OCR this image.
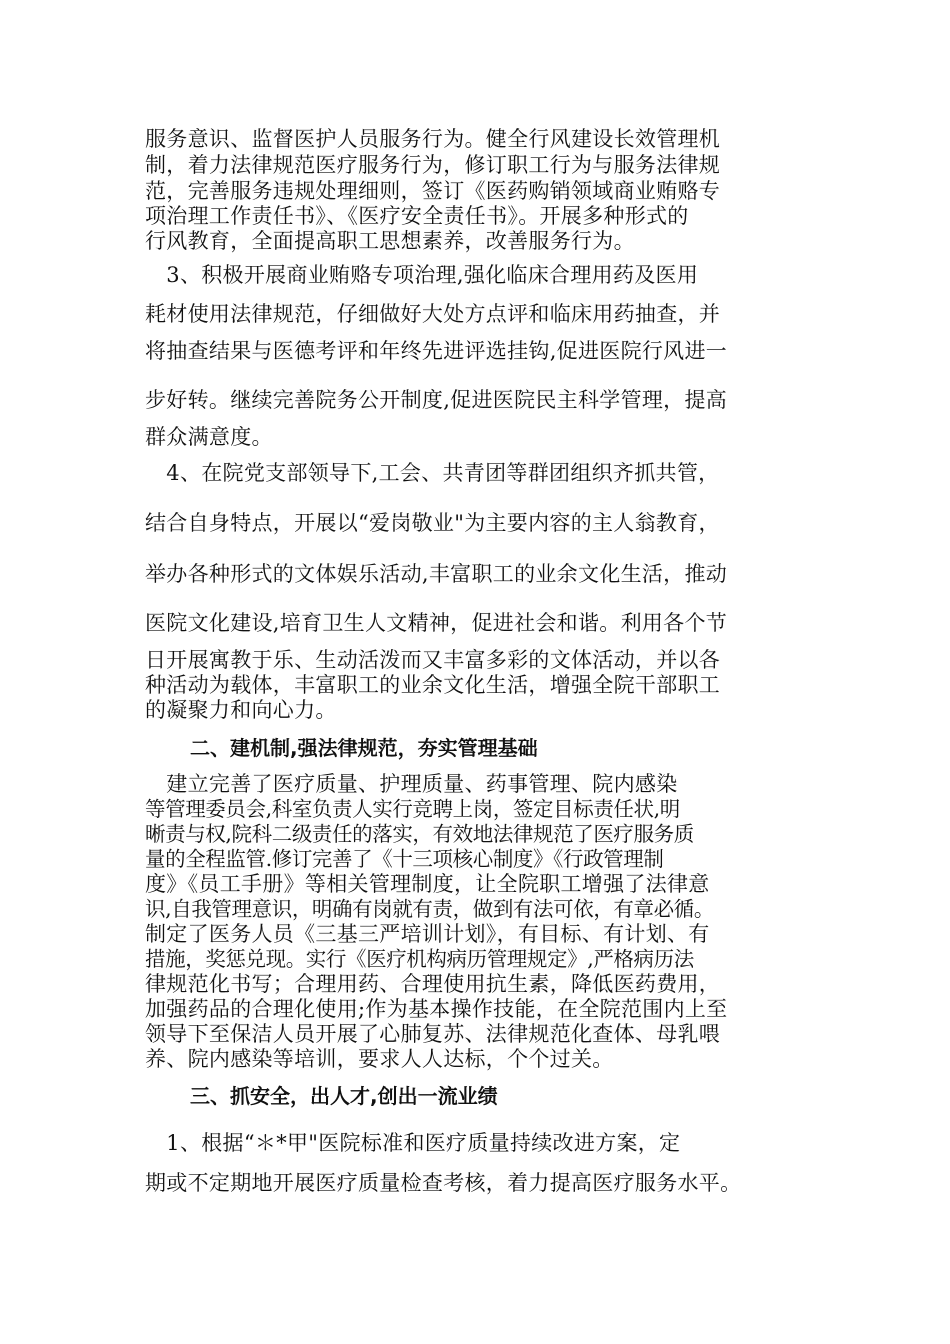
服务意识、监督医护人员服务行为。健全行风建设长效管理机
制，着力法律规范医疗服务行为，修订职工行为与服务法律规
范，完善服务违规处理细则，签订《医药购销领域商业贿赂专
项治理工作责任书》、《医疗安全责任书》。开展多种形式的
行风教育，全面提高职工思想素养，改善服务行为。
　3、积极开展商业贿赂专项治理,强化临床合理用药及医用
耗材使用法律规范，仔细做好大处方点评和临床用药抽查，并
将抽查结果与医德考评和年终先进评选挂钩,促进医院行风进一
步好转。继续完善院务公开制度,促进医院民主科学管理，提高
群众满意度。
　4、在院党支部领导下,工会、共青团等群团组织齐抓共管，
结合自身特点，开展以“爱岗敬业"为主要内容的主人翁教育，
举办各种形式的文体娱乐活动,丰富职工的业余文化生活，推动
医院文化建设,培育卫生人文精神，促进社会和谐。利用各个节
日开展寓教于乐、生动活泼而又丰富多彩的文体活动，并以各
种活动为载体，丰富职工的业余文化生活，增强全院干部职工
的凝聚力和向心力。
二、建机制,强法律规范，夯实管理基础
　建立完善了医疗质量、护理质量、药事管理、院内感染
等管理委员会,科室负责人实行竞聘上岗，签定目标责任状,明
晰责与权,院科二级责任的落实，有效地法律规范了医疗服务质
量的全程监管.修订完善了《十三项核心制度》《行政管理制
度》《员工手册》等相关管理制度，让全院职工增强了法律意
识,自我管理意识，明确有岗就有责，做到有法可依，有章必循。
制定了医务人员《三基三严培训计划》，有目标、有计划、有
措施，奖惩兑现。实行《医疗机构病历管理规定》,严格病历法
律规范化书写；合理用药、合理使用抗生素，降低医药费用，
加强药品的合理化使用;作为基本操作技能，在全院范围内上至
领导下至保洁人员开展了心肺复苏、法律规范化查体、母乳喂
养、院内感染等培训，要求人人达标，个个过关。
三、抓安全，出人才,创出一流业绩
　1、根据“＊*甲"医院标准和医疗质量持续改进方案，定
期或不定期地开展医疗质量检查考核，着力提高医疗服务水平。
